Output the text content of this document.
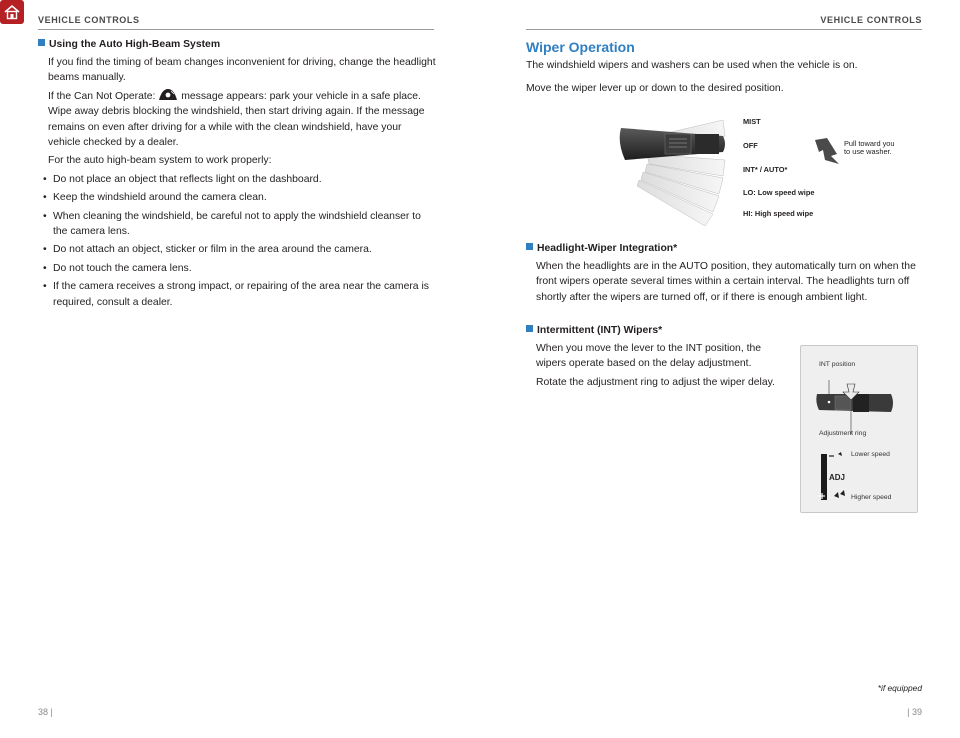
VEHICLE CONTROLS	VEHICLE CONTROLS
Using the Auto High-Beam System
If you find the timing of beam changes inconvenient for driving, change the headlight beams manually.
If the Can Not Operate: message appears: park your vehicle in a safe place. Wipe away debris blocking the windshield, then start driving again. If the message remains on even after driving for a while with the clean windshield, have your vehicle checked by a dealer.
For the auto high-beam system to work properly:
• Do not place an object that reflects light on the dashboard.
• Keep the windshield around the camera clean.
• When cleaning the windshield, be careful not to apply the windshield cleanser to the camera lens.
• Do not attach an object, sticker or film in the area around the camera.
• Do not touch the camera lens.
• If the camera receives a strong impact, or repairing of the area near the camera is required, consult a dealer.
Wiper Operation
The windshield wipers and washers can be used when the vehicle is on.
Move the wiper lever up or down to the desired position.
MIST
OFF
INT* / AUTO*
LO: Low speed wipe
HI: High speed wipe
Pull toward you to use washer.
Headlight-Wiper Integration*
When the headlights are in the AUTO position, they automatically turn on when the front wipers operate several times within a certain interval. The headlights turn off shortly after the wipers are turned off, or if there is enough ambient light.
Intermittent (INT) Wipers*
When you move the lever to the INT position, the wipers operate based on the delay adjustment.
Rotate the adjustment ring to adjust the wiper delay.
INT position
Adjustment ring
ADJ
Lower speed
Higher speed
*if equipped
38 |	| 39
